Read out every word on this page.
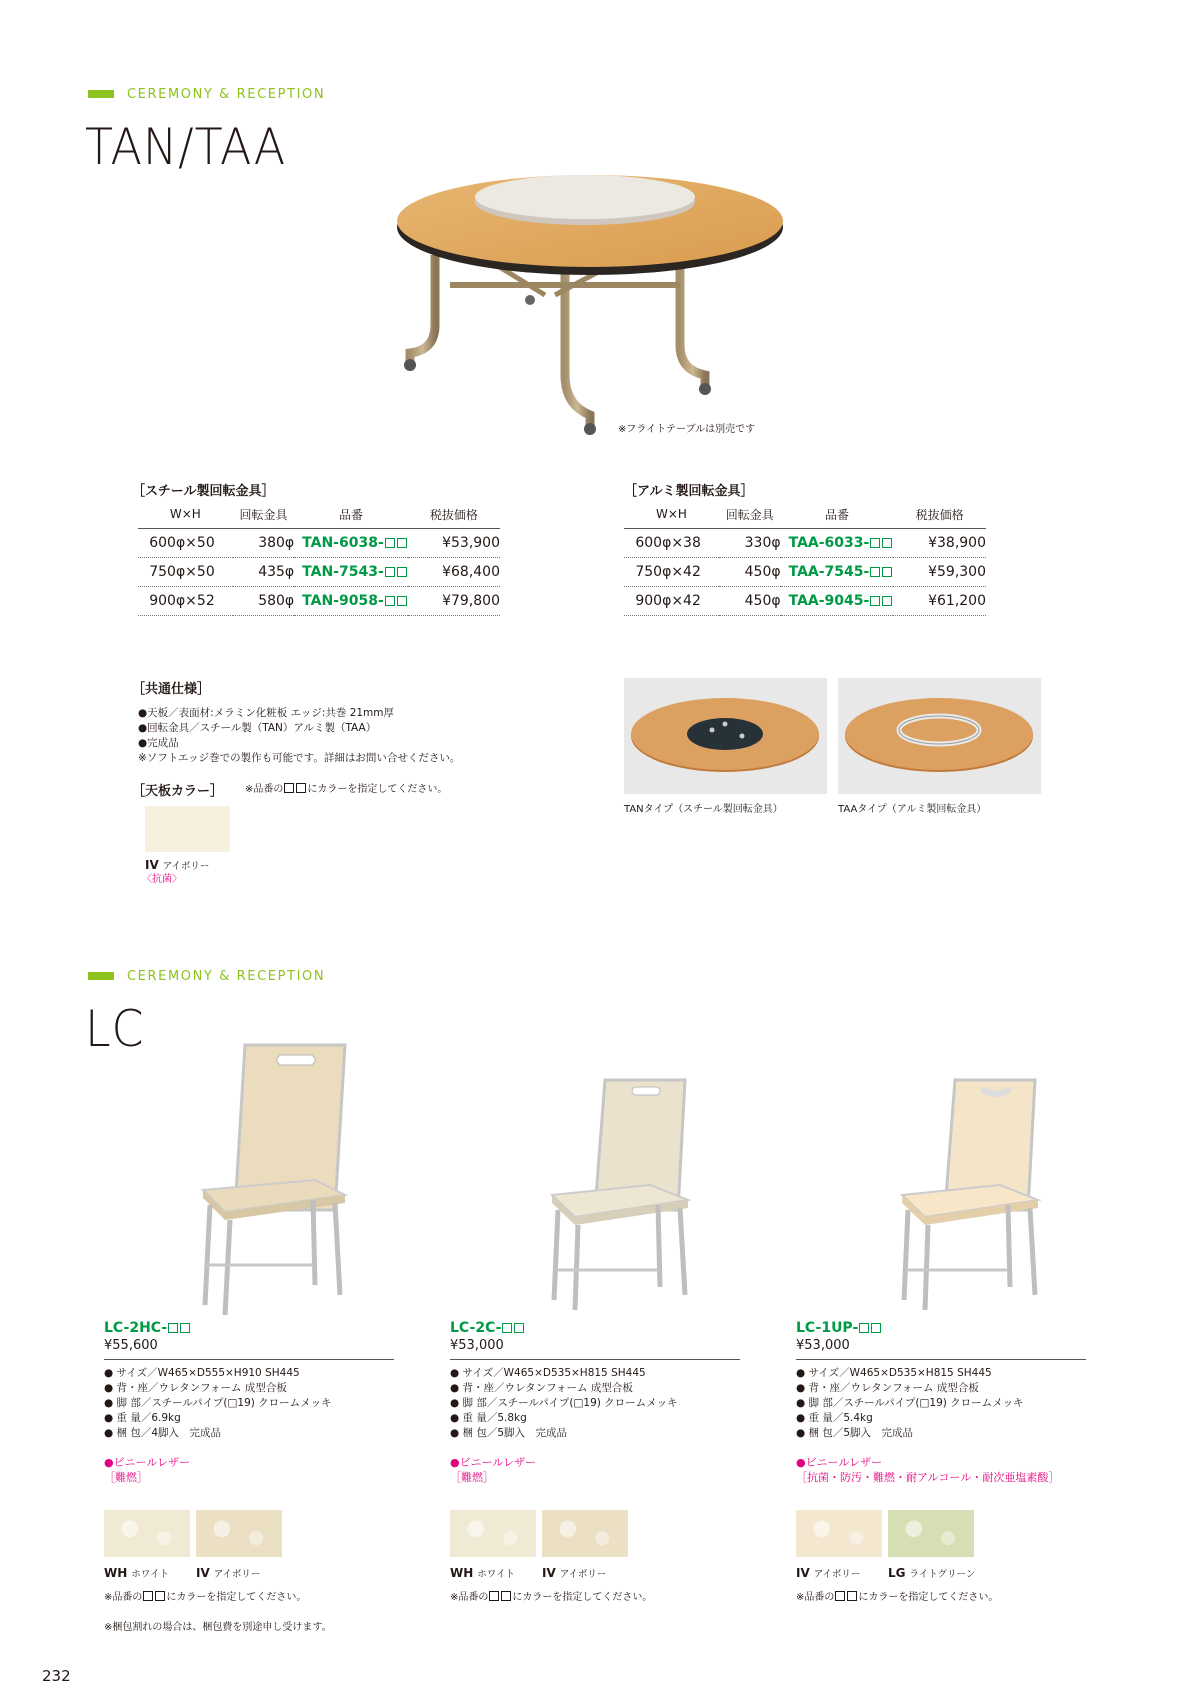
CEREMONY & RECEPTION
TAN/TAA
※フライトテーブルは別売です
［スチール製回転金具］
W×H	回転金具	品番	税抜価格
600φ×50	380φ	TAN-6038-	¥53,900
750φ×50	435φ	TAN-7543-	¥68,400
900φ×52	580φ	TAN-9058-	¥79,800
［アルミ製回転金具］
W×H	回転金具	品番	税抜価格
600φ×38	330φ	TAA-6033-	¥38,900
750φ×42	450φ	TAA-7545-	¥59,300
900φ×42	450φ	TAA-9045-	¥61,200
［共通仕様］
●天板／表面材:メラミン化粧板 エッジ:共巻 21mm厚
●回転金具／スチール製（TAN）アルミ製（TAA）
●完成品
※ソフトエッジ巻での製作も可能です。詳細はお問い合せください。
［天板カラー］ ※品番の にカラーを指定してください。
IV アイボリー
〈抗菌〉
TANタイプ（スチール製回転金具）	TAAタイプ（アルミ製回転金具）
CEREMONY & RECEPTION
LC
LC-2HC-
¥55,600
● サイズ／W465×D555×H910 SH445
● 背・座／ウレタンフォーム 成型合板
● 脚 部／スチールパイプ(□19) クロームメッキ
● 重 量／6.9kg
● 梱 包／4脚入　完成品
●ビニールレザー
［難燃］
WH ホワイト IV アイボリー
※品番の にカラーを指定してください。
LC-2C-
¥53,000
● サイズ／W465×D535×H815 SH445
● 背・座／ウレタンフォーム 成型合板
● 脚 部／スチールパイプ(□19) クロームメッキ
● 重 量／5.8kg
● 梱 包／5脚入　完成品
●ビニールレザー
［難燃］
WH ホワイト IV アイボリー
※品番の にカラーを指定してください。
LC-1UP-
¥53,000
● サイズ／W465×D535×H815 SH445
● 背・座／ウレタンフォーム 成型合板
● 脚 部／スチールパイプ(□19) クロームメッキ
● 重 量／5.4kg
● 梱 包／5脚入　完成品
●ビニールレザー
［抗菌・防汚・難燃・耐アルコール・耐次亜塩素酸］
IV アイボリー LG ライトグリーン
※品番の にカラーを指定してください。
※梱包割れの場合は、梱包費を別途申し受けます。
232
